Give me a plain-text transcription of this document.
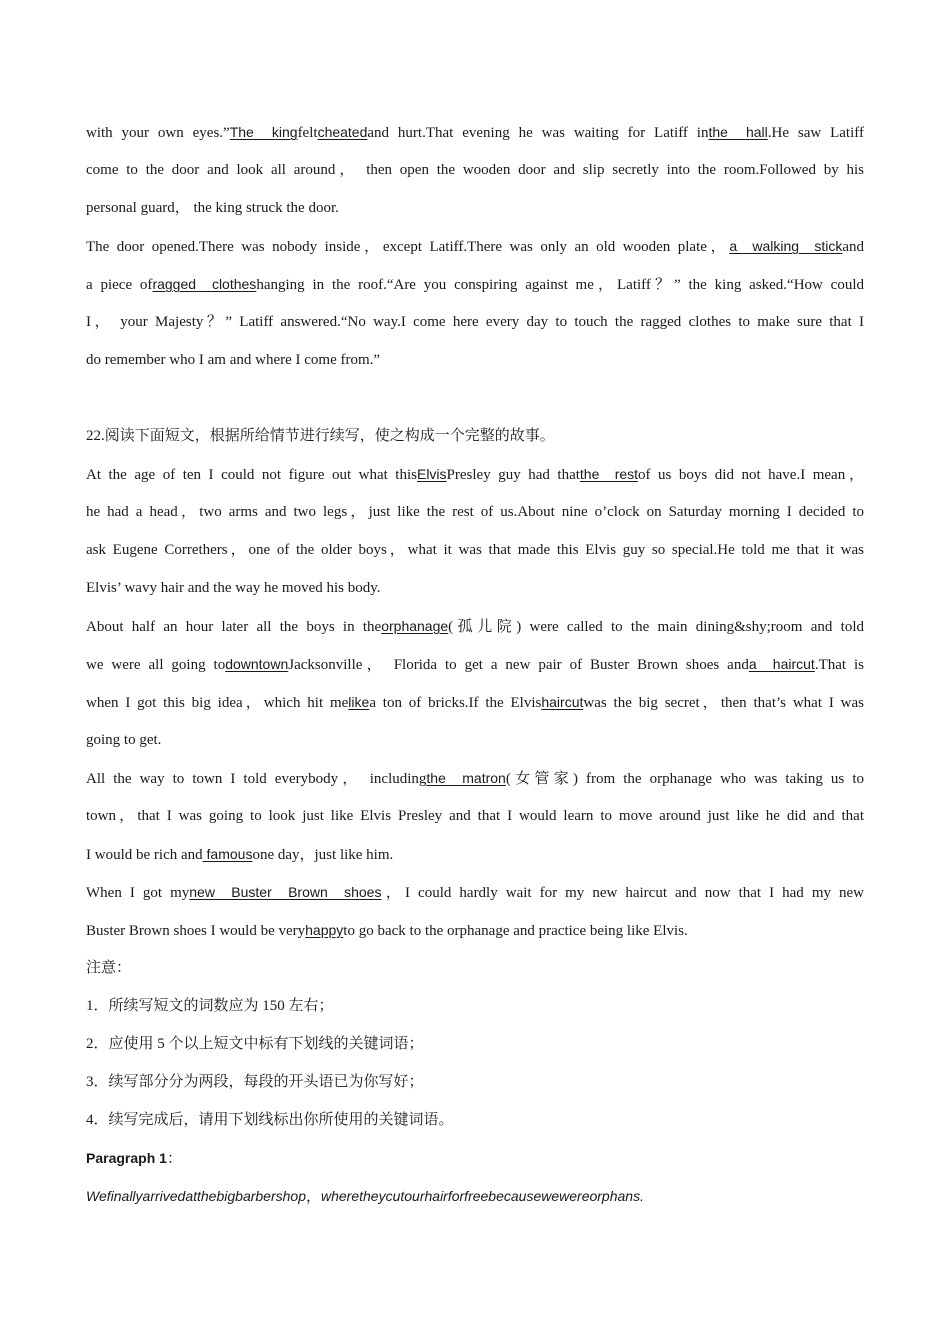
with your own eyes.”The  kingfeltcheatedand hurt.That evening he was waiting for Latiff inthe  hall.He saw Latiff
come to the door and look all around， then open the wooden door and slip secretly into the room.Followed by his
personal guard， the king struck the door.
The door opened.There was nobody inside，except Latiff.There was only an old wooden plate，a  walking  stickand
a piece ofragged  clotheshanging in the roof.“Are you conspiring against me，Latiff？” the king asked.“How could
I， your Majesty？” Latiff answered.“No way.I come here every day to touch the ragged clothes to make sure that I
do remember who I am and where I come from.”
22.阅读下面短文，根据所给情节进行续写，使之构成一个完整的故事。
At the age of ten I could not figure out what thisElvisPresley guy had thatthe  restof us boys did not have.I mean，
he had a head，two arms and two legs，just like the rest of us.About nine o’clock on Saturday morning I decided to
ask Eugene Correthers，one of the older boys，what it was that made this Elvis guy so special.He told me that it was
Elvis’ wavy hair and the way he moved his body.
About half an hour later all the boys in theorphanage(孤儿院) were called to the main dining&shy;room and told
we were all going todowntownJacksonville， Florida to get a new pair of Buster Brown shoes anda  haircut.That is
when I got this big idea，which hit melikea ton of bricks.If the Elvishaircutwas the big secret，then that’s what I was
going to get.
All the way to town I told everybody， includingthe  matron(女管家) from the orphanage who was taking us to
town，that I was going to look just like Elvis Presley and that I would learn to move around just like he did and that
I would be rich and famousone day，just like him.
When I got mynew  Buster  Brown  shoes，I could hardly wait for my new haircut and now that I had my new
Buster Brown shoes I would be veryhappyto go back to the orphanage and practice being like Elvis.
注意：
1．所续写短文的词数应为 150 左右；
2．应使用 5 个以上短文中标有下划线的关键词语；
3．续写部分分为两段，每段的开头语已为你写好；
4．续写完成后，请用下划线标出你所使用的关键词语。
Paragraph 1：
Wefinallyarrivedatthebigbarbershop，wheretheycutourhairforfreebecausewewereorphans.
